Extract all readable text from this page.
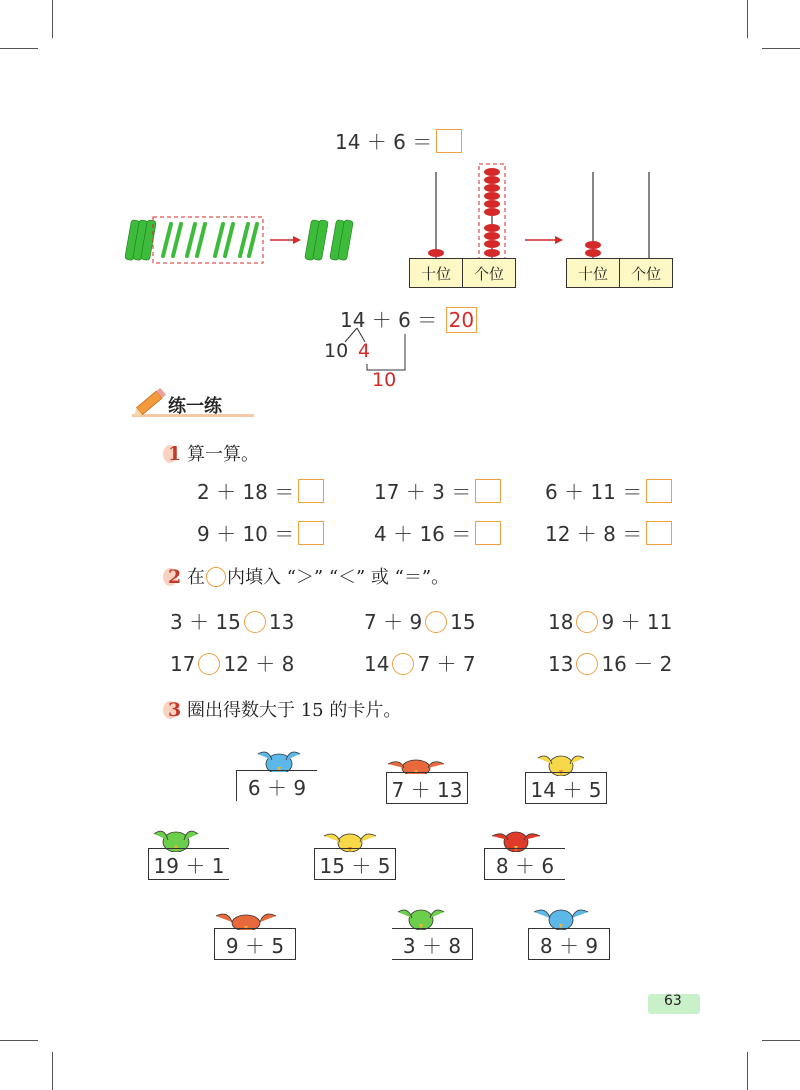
14 ＋ 6 ＝
十位	个位	十位	个位
14 ＋ 6 ＝ 20
10 4
10
练一练
1 算一算。
2 ＋ 18 ＝	17 ＋ 3 ＝	6 ＋ 11 ＝
9 ＋ 10 ＝	4 ＋ 16 ＝	12 ＋ 8 ＝
2 在 内填入 “＞” “＜” 或 “＝”。
3 ＋ 15 13	7 ＋ 9 15	18 9 ＋ 11
17 12 ＋ 8	14 7 ＋ 7	13 16 － 2
3 圈出得数大于 15 的卡片。
6 ＋ 9	7 ＋ 13	14 ＋ 5
19 ＋ 1	15 ＋ 5	8 ＋ 6
9 ＋ 5	3 ＋ 8	8 ＋ 9
63
